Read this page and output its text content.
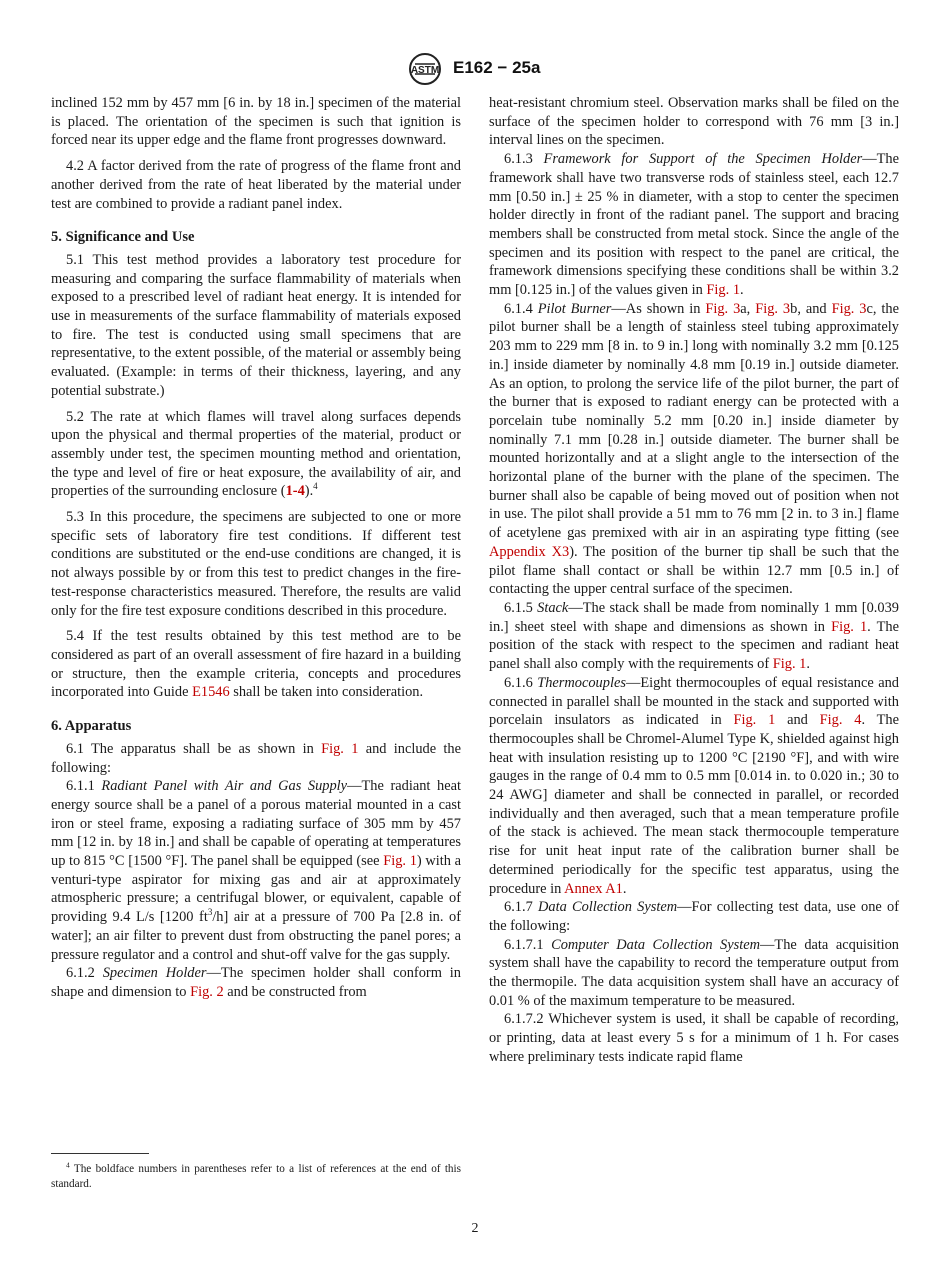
ASTM E162 − 25a

inclined 152 mm by 457 mm [6 in. by 18 in.] specimen of the material is placed. The orientation of the specimen is such that ignition is forced near its upper edge and the flame front progresses downward.

4.2 A factor derived from the rate of progress of the flame front and another derived from the rate of heat liberated by the material under test are combined to provide a radiant panel index.

5. Significance and Use

5.1 This test method provides a laboratory test procedure for measuring and comparing the surface flammability of materials when exposed to a prescribed level of radiant heat energy. It is intended for use in measurements of the surface flammability of materials exposed to fire. The test is conducted using small specimens that are representative, to the extent possible, of the material or assembly being evaluated. (Example: in terms of their thickness, layering, and any potential substrate.)

5.2 The rate at which flames will travel along surfaces depends upon the physical and thermal properties of the material, product or assembly under test, the specimen mounting method and orientation, the type and level of fire or heat exposure, the availability of air, and properties of the surrounding enclosure (1-4).$^4$

5.3 In this procedure, the specimens are subjected to one or more specific sets of laboratory fire test conditions. If different test conditions are substituted or the end-use conditions are changed, it is not always possible by or from this test to predict changes in the fire-test-response characteristics measured. Therefore, the results are valid only for the fire test exposure conditions described in this procedure.

5.4 If the test results obtained by this test method are to be considered as part of an overall assessment of fire hazard in a building or structure, then the example criteria, concepts and procedures incorporated into Guide E1546 shall be taken into consideration.

6. Apparatus

6.1 The apparatus shall be as shown in Fig. 1 and include the following:

6.1.1 Radiant Panel with Air and Gas Supply—The radiant heat energy source shall be a panel of a porous material mounted in a cast iron or steel frame, exposing a radiating surface of 305 mm by 457 mm [12 in. by 18 in.] and shall be capable of operating at temperatures up to 815 °C [1500 °F]. The panel shall be equipped (see Fig. 1) with a venturi-type aspirator for mixing gas and air at approximately atmospheric pressure; a centrifugal blower, or equivalent, capable of providing 9.4 L/s [1200 $ft^3/h$] air at a pressure of 700 Pa [2.8 in. of water]; an air filter to prevent dust from obstructing the panel pores; a pressure regulator and a control and shut-off valve for the gas supply.

6.1.2 Specimen Holder—The specimen holder shall conform in shape and dimension to Fig. 2 and be constructed from

heat-resistant chromium steel. Observation marks shall be filed on the surface of the specimen holder to correspond with 76 mm [3 in.] interval lines on the specimen.

6.1.3 Framework for Support of the Specimen Holder—The framework shall have two transverse rods of stainless steel, each 12.7 mm [0.50 in.] ± 25 % in diameter, with a stop to center the specimen holder directly in front of the radiant panel. The support and bracing members shall be constructed from metal stock. Since the angle of the specimen and its position with respect to the panel are critical, the framework dimensions specifying these conditions shall be within 3.2 mm [0.125 in.] of the values given in Fig. 1.

6.1.4 Pilot Burner—As shown in Fig. 3a, Fig. 3b, and Fig. 3c, the pilot burner shall be a length of stainless steel tubing approximately 203 mm to 229 mm [8 in. to 9 in.] long with nominally 3.2 mm [0.125 in.] inside diameter by nominally 4.8 mm [0.19 in.] outside diameter. As an option, to prolong the service life of the pilot burner, the part of the burner that is exposed to radiant energy can be protected with a porcelain tube nominally 5.2 mm [0.20 in.] inside diameter by nominally 7.1 mm [0.28 in.] outside diameter. The burner shall be mounted horizontally and at a slight angle to the intersection of the horizontal plane of the burner with the plane of the specimen. The burner shall also be capable of being moved out of position when not in use. The pilot shall provide a 51 mm to 76 mm [2 in. to 3 in.] flame of acetylene gas premixed with air in an aspirating type fitting (see Appendix X3). The position of the burner tip shall be such that the pilot flame shall contact or shall be within 12.7 mm [0.5 in.] of contacting the upper central surface of the specimen.

6.1.5 Stack—The stack shall be made from nominally 1 mm [0.039 in.] sheet steel with shape and dimensions as shown in Fig. 1. The position of the stack with respect to the specimen and radiant heat panel shall also comply with the requirements of Fig. 1.

6.1.6 Thermocouples—Eight thermocouples of equal resistance and connected in parallel shall be mounted in the stack and supported with porcelain insulators as indicated in Fig. 1 and Fig. 4. The thermocouples shall be Chromel-Alumel Type K, shielded against high heat with insulation resisting up to 1200 °C [2190 °F], and with wire gauges in the range of 0.4 mm to 0.5 mm [0.014 in. to 0.020 in.; 30 to 24 AWG] diameter and shall be connected in parallel, or recorded individually and then averaged, such that a mean temperature profile of the stack is achieved. The mean stack thermocouple temperature rise for unit heat input rate of the calibration burner shall be determined periodically for the specific test apparatus, using the procedure in Annex A1.

6.1.7 Data Collection System—For collecting test data, use one of the following:

6.1.7.1 Computer Data Collection System—The data acquisition system shall have the capability to record the temperature output from the thermopile. The data acquisition system shall have an accuracy of 0.01 % of the maximum temperature to be measured.

6.1.7.2 Whichever system is used, it shall be capable of recording, or printing, data at least every 5 s for a minimum of 1 h. For cases where preliminary tests indicate rapid flame

$^4$ The boldface numbers in parentheses refer to a list of references at the end of this standard.
2
